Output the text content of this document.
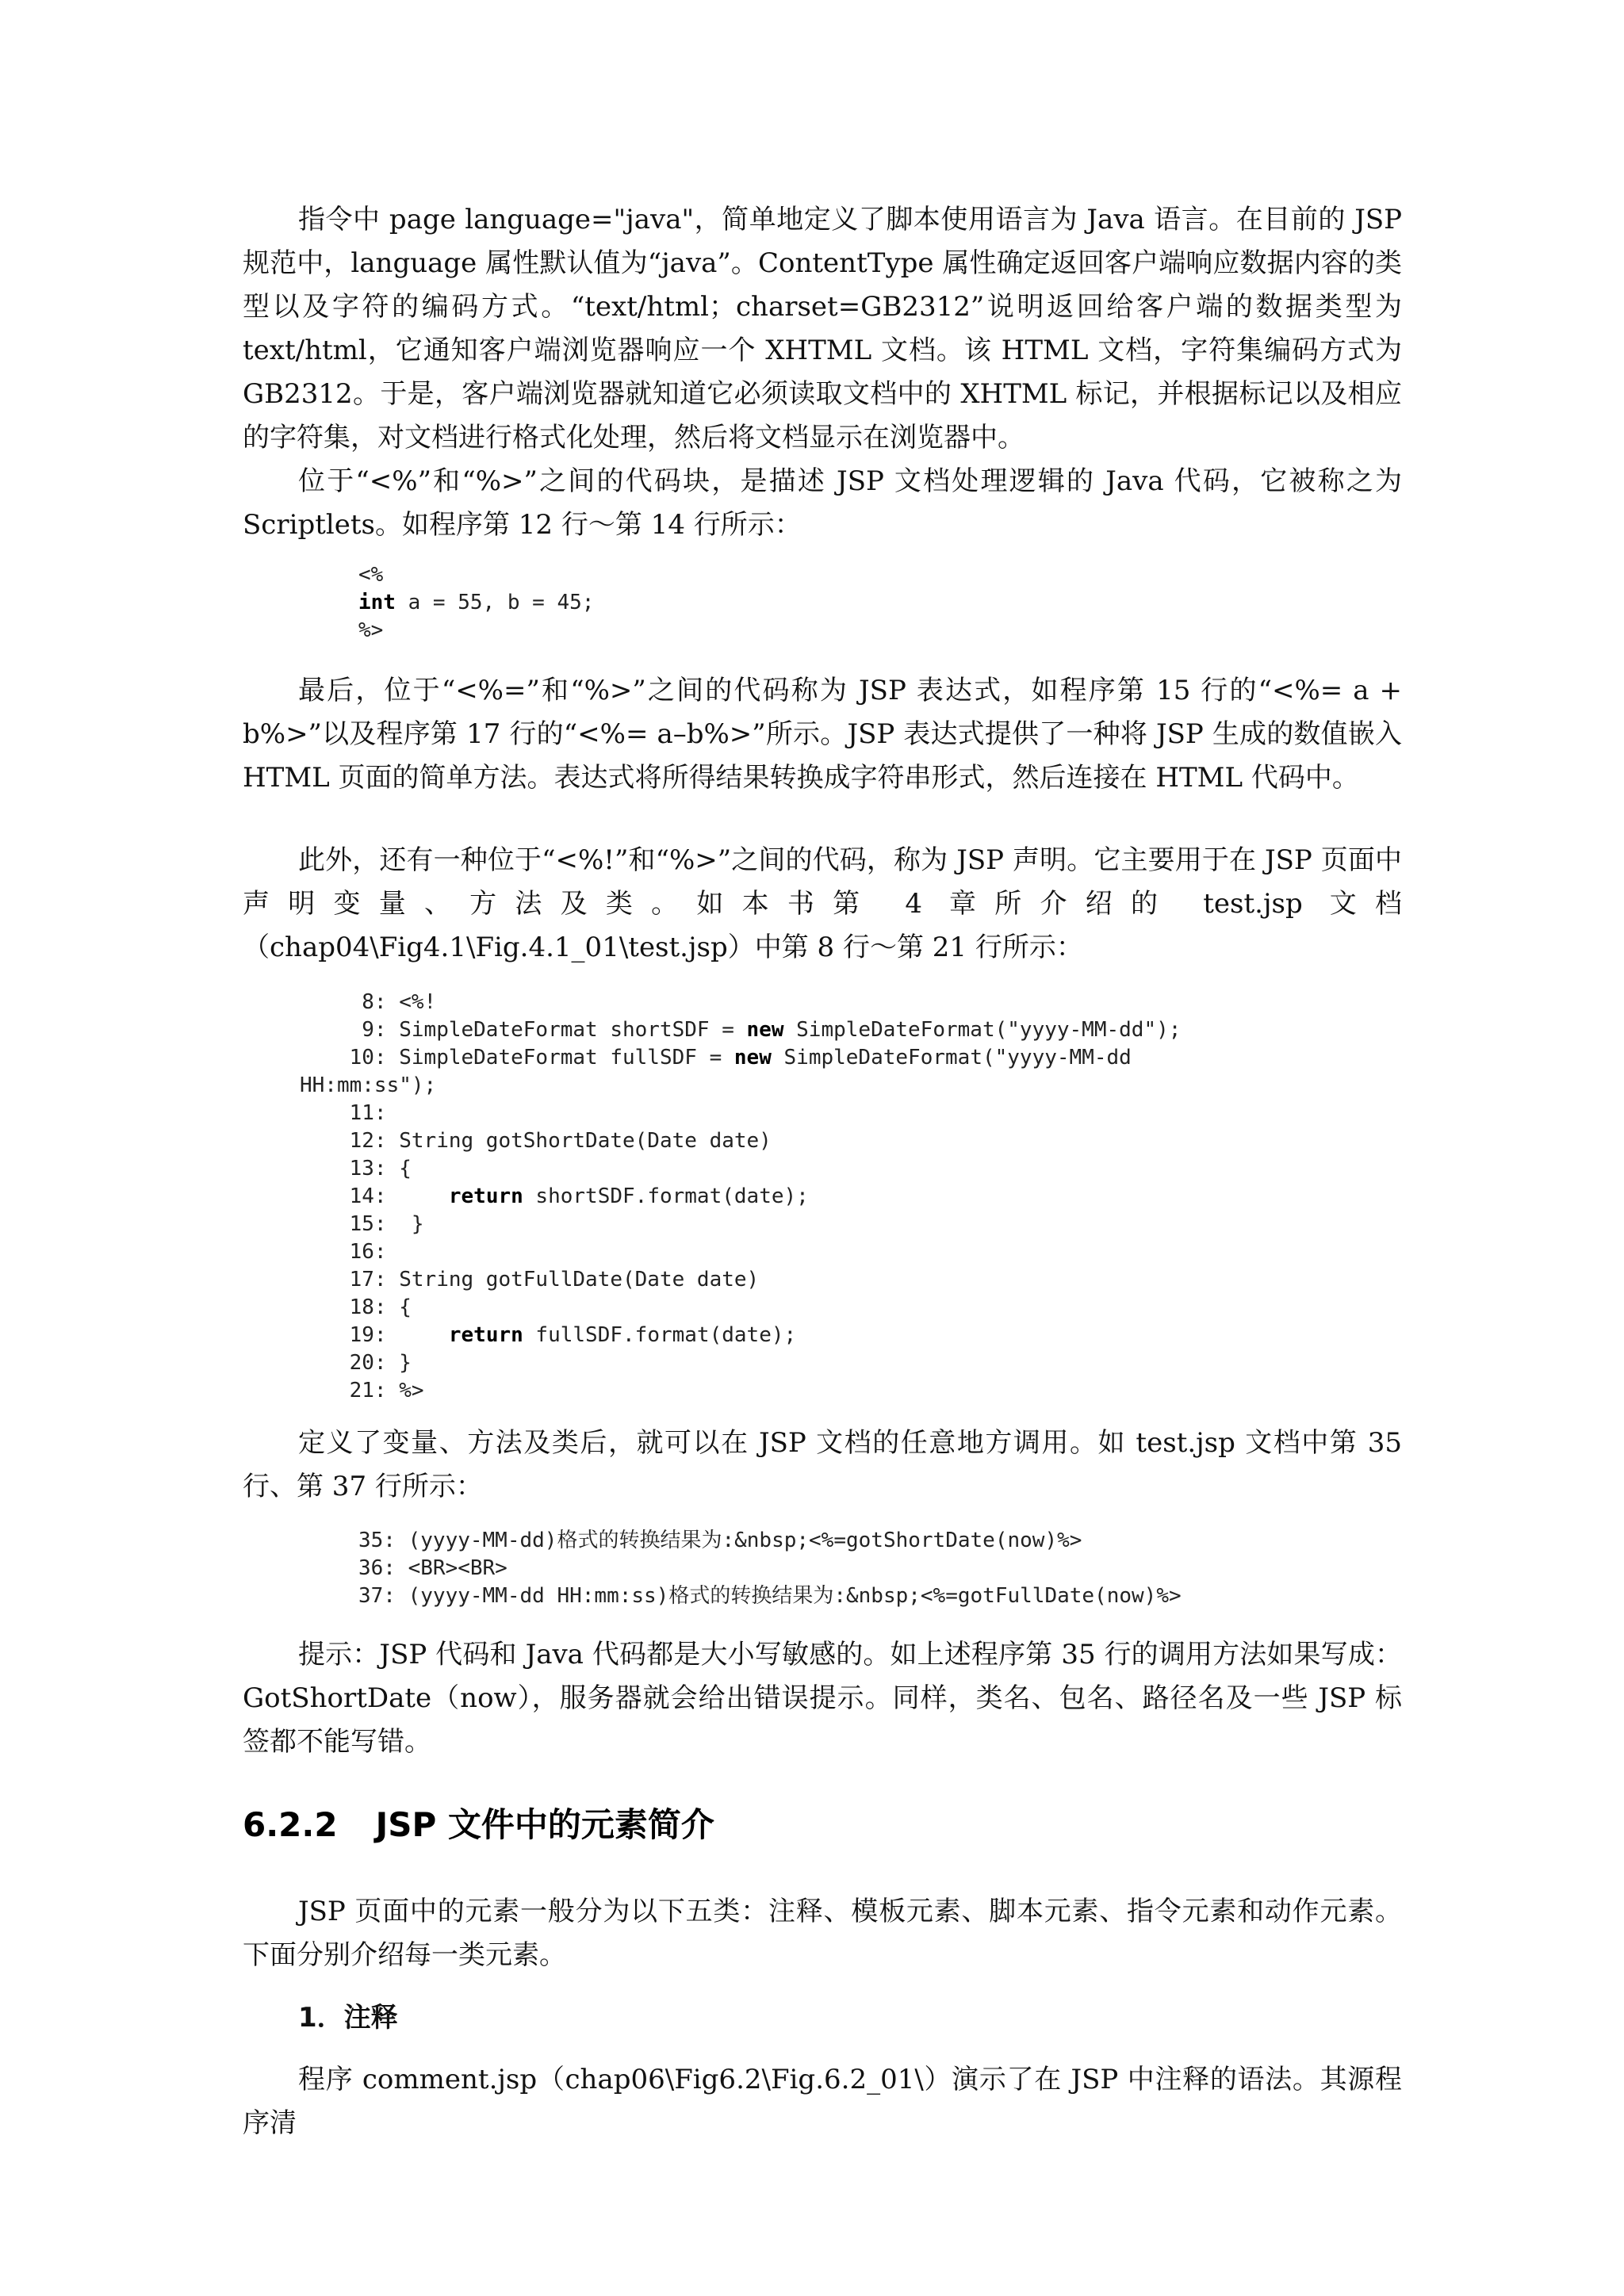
指令中 page language="java"，简单地定义了脚本使用语言为 Java 语言。在目前的 JSP 规范中，language 属性默认值为“java”。ContentType 属性确定返回客户端响应数据内容的类型以及字符的编码方式。“text/html；charset=GB2312”说明返回给客户端的数据类型为 text/html，它通知客户端浏览器响应一个 XHTML 文档。该 HTML 文档，字符集编码方式为 GB2312。于是，客户端浏览器就知道它必须读取文档中的 XHTML 标记，并根据标记以及相应的字符集，对文档进行格式化处理，然后将文档显示在浏览器中。

位于“<%”和“%>”之间的代码块，是描述 JSP 文档处理逻辑的 Java 代码，它被称之为 Scriptlets。如程序第 12 行～第 14 行所示：

<%
int a = 55, b = 45;
%>

最后，位于“<%=”和“%>”之间的代码称为 JSP 表达式，如程序第 15 行的“<%= a + b%>”以及程序第 17 行的“<%= a–b%>”所示。JSP 表达式提供了一种将 JSP 生成的数值嵌入 HTML 页面的简单方法。表达式将所得结果转换成字符串形式，然后连接在 HTML 代码中。

此外，还有一种位于“<%!”和“%>”之间的代码，称为 JSP 声明。它主要用于在 JSP 页面中声明变量、方法及类。如本书第 4 章所介绍的 test.jsp 文档（chap04\Fig4.1\Fig.4.1_01\test.jsp）中第 8 行～第 21 行所示：

8: <%!
9: SimpleDateFormat shortSDF = new SimpleDateFormat("yyyy-MM-dd");
10: SimpleDateFormat fullSDF = new SimpleDateFormat("yyyy-MM-dd
HH:mm:ss");
11:
12: String gotShortDate(Date date)
13: {
14:     return shortSDF.format(date);
15:  }
16:
17: String gotFullDate(Date date)
18: {
19:     return fullSDF.format(date);
20: }
21: %>

定义了变量、方法及类后，就可以在 JSP 文档的任意地方调用。如 test.jsp 文档中第 35 行、第 37 行所示：

35: (yyyy-MM-dd)格式的转换结果为:&nbsp;<%=gotShortDate(now)%>
36: <BR><BR>
37: (yyyy-MM-dd HH:mm:ss)格式的转换结果为:&nbsp;<%=gotFullDate(now)%>

提示：JSP 代码和 Java 代码都是大小写敏感的。如上述程序第 35 行的调用方法如果写成：GotShortDate（now），服务器就会给出错误提示。同样，类名、包名、路径名及一些 JSP 标签都不能写错。

6.2.2 JSP 文件中的元素简介

JSP 页面中的元素一般分为以下五类：注释、模板元素、脚本元素、指令元素和动作元素。下面分别介绍每一类元素。

1．注释

程序 comment.jsp（chap06\Fig6.2\Fig.6.2_01\）演示了在 JSP 中注释的语法。其源程序清
